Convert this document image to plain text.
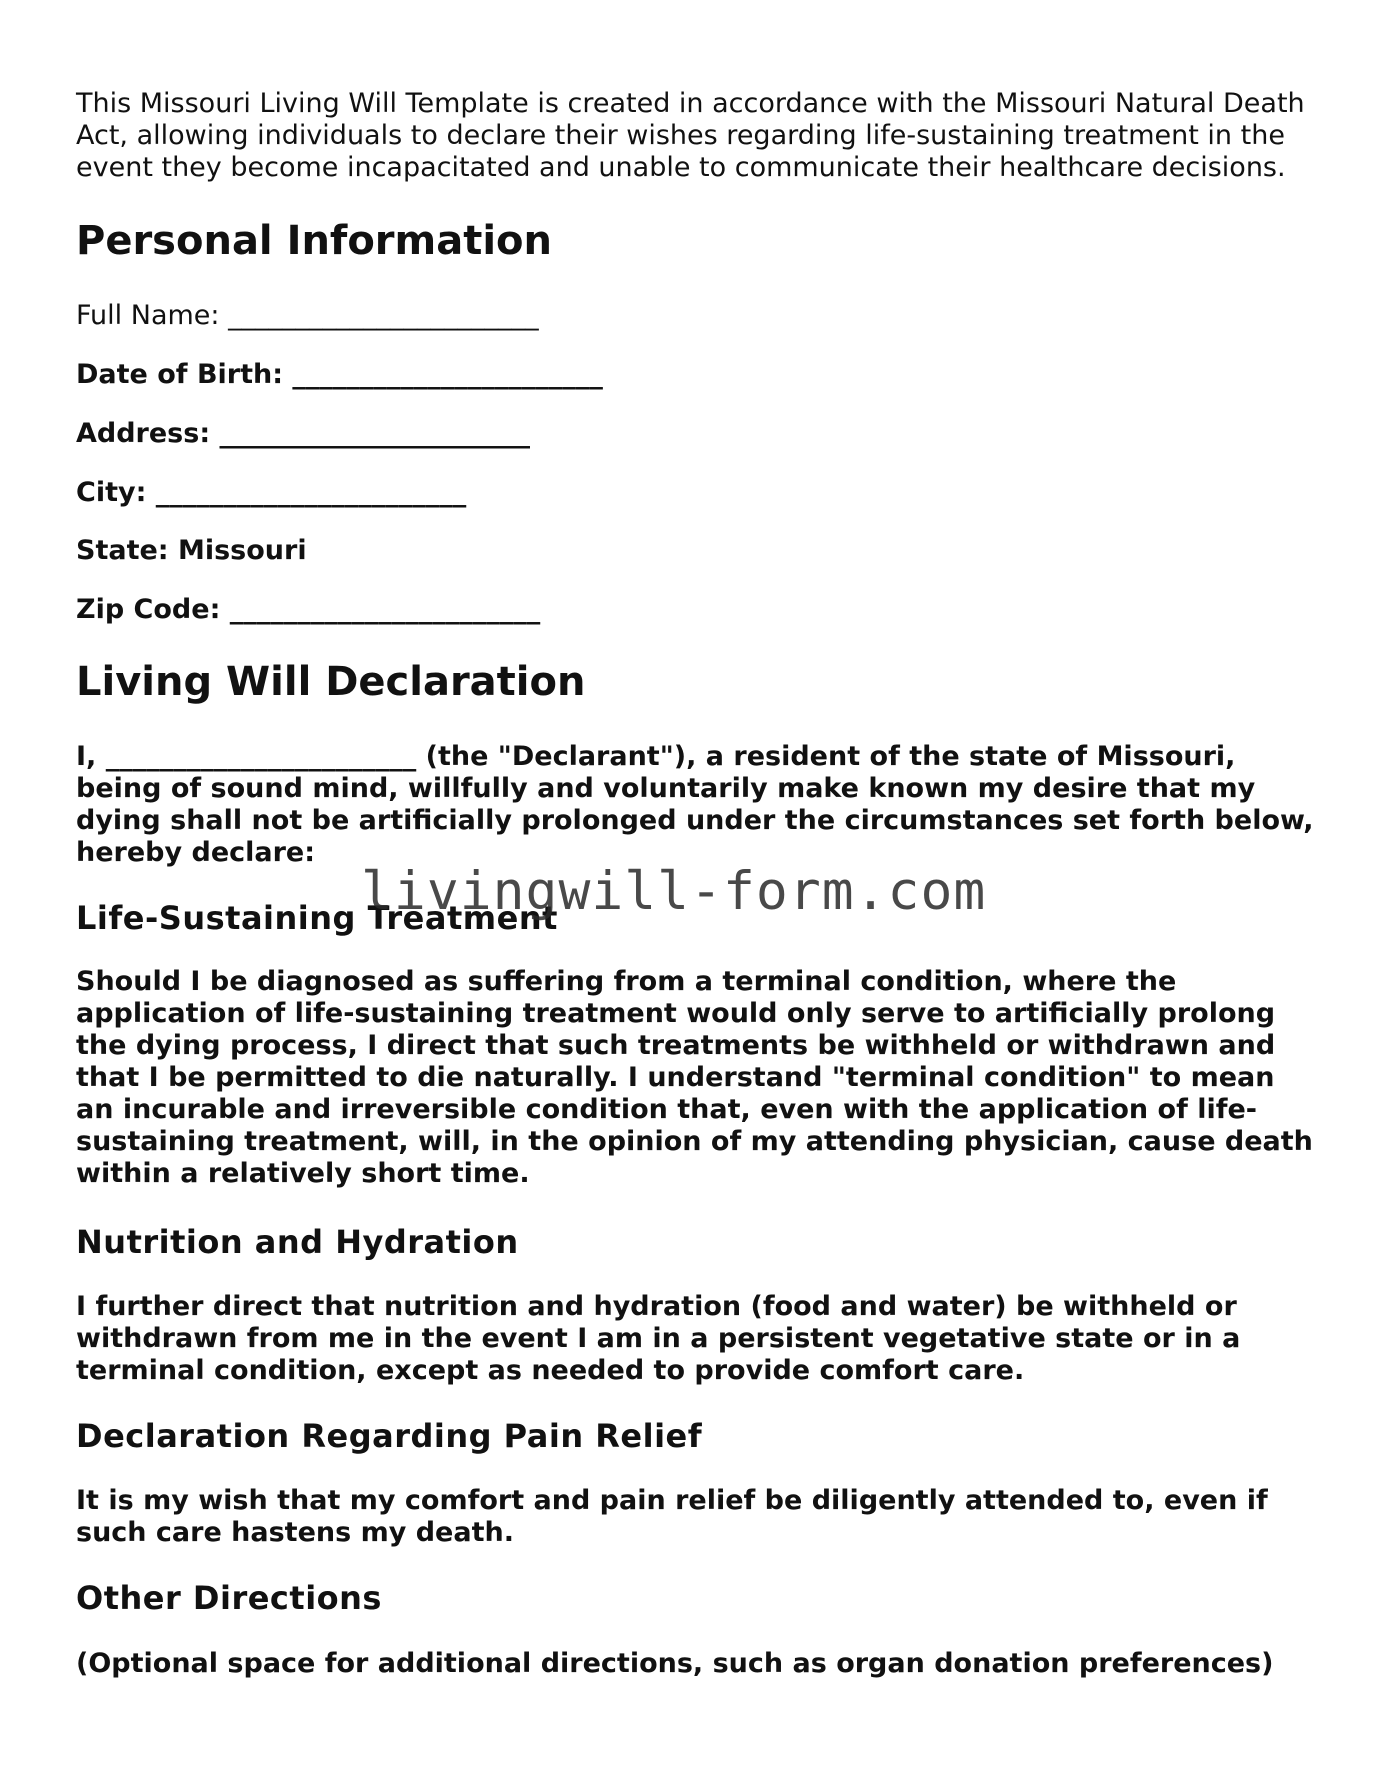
This Missouri Living Will Template is created in accordance with the Missouri Natural Death Act, allowing individuals to declare their wishes regarding life-sustaining treatment in the event they become incapacitated and unable to communicate their healthcare decisions.

Personal Information

Full Name: _______________________

Date of Birth: _______________________

Address: _______________________

City: _______________________

State: Missouri

Zip Code: _______________________

Living Will Declaration

I, _______________________ (the "Declarant"), a resident of the state of Missouri, being of sound mind, willfully and voluntarily make known my desire that my dying shall not be artificially prolonged under the circumstances set forth below, hereby declare:

Life-Sustaining Treatment

Should I be diagnosed as suffering from a terminal condition, where the application of life-sustaining treatment would only serve to artificially prolong the dying process, I direct that such treatments be withheld or withdrawn and that I be permitted to die naturally. I understand "terminal condition" to mean an incurable and irreversible condition that, even with the application of life-sustaining treatment, will, in the opinion of my attending physician, cause death within a relatively short time.

Nutrition and Hydration

I further direct that nutrition and hydration (food and water) be withheld or withdrawn from me in the event I am in a persistent vegetative state or in a terminal condition, except as needed to provide comfort care.

Declaration Regarding Pain Relief

It is my wish that my comfort and pain relief be diligently attended to, even if such care hastens my death.

Other Directions

(Optional space for additional directions, such as organ donation preferences)

livingwill-form.com
